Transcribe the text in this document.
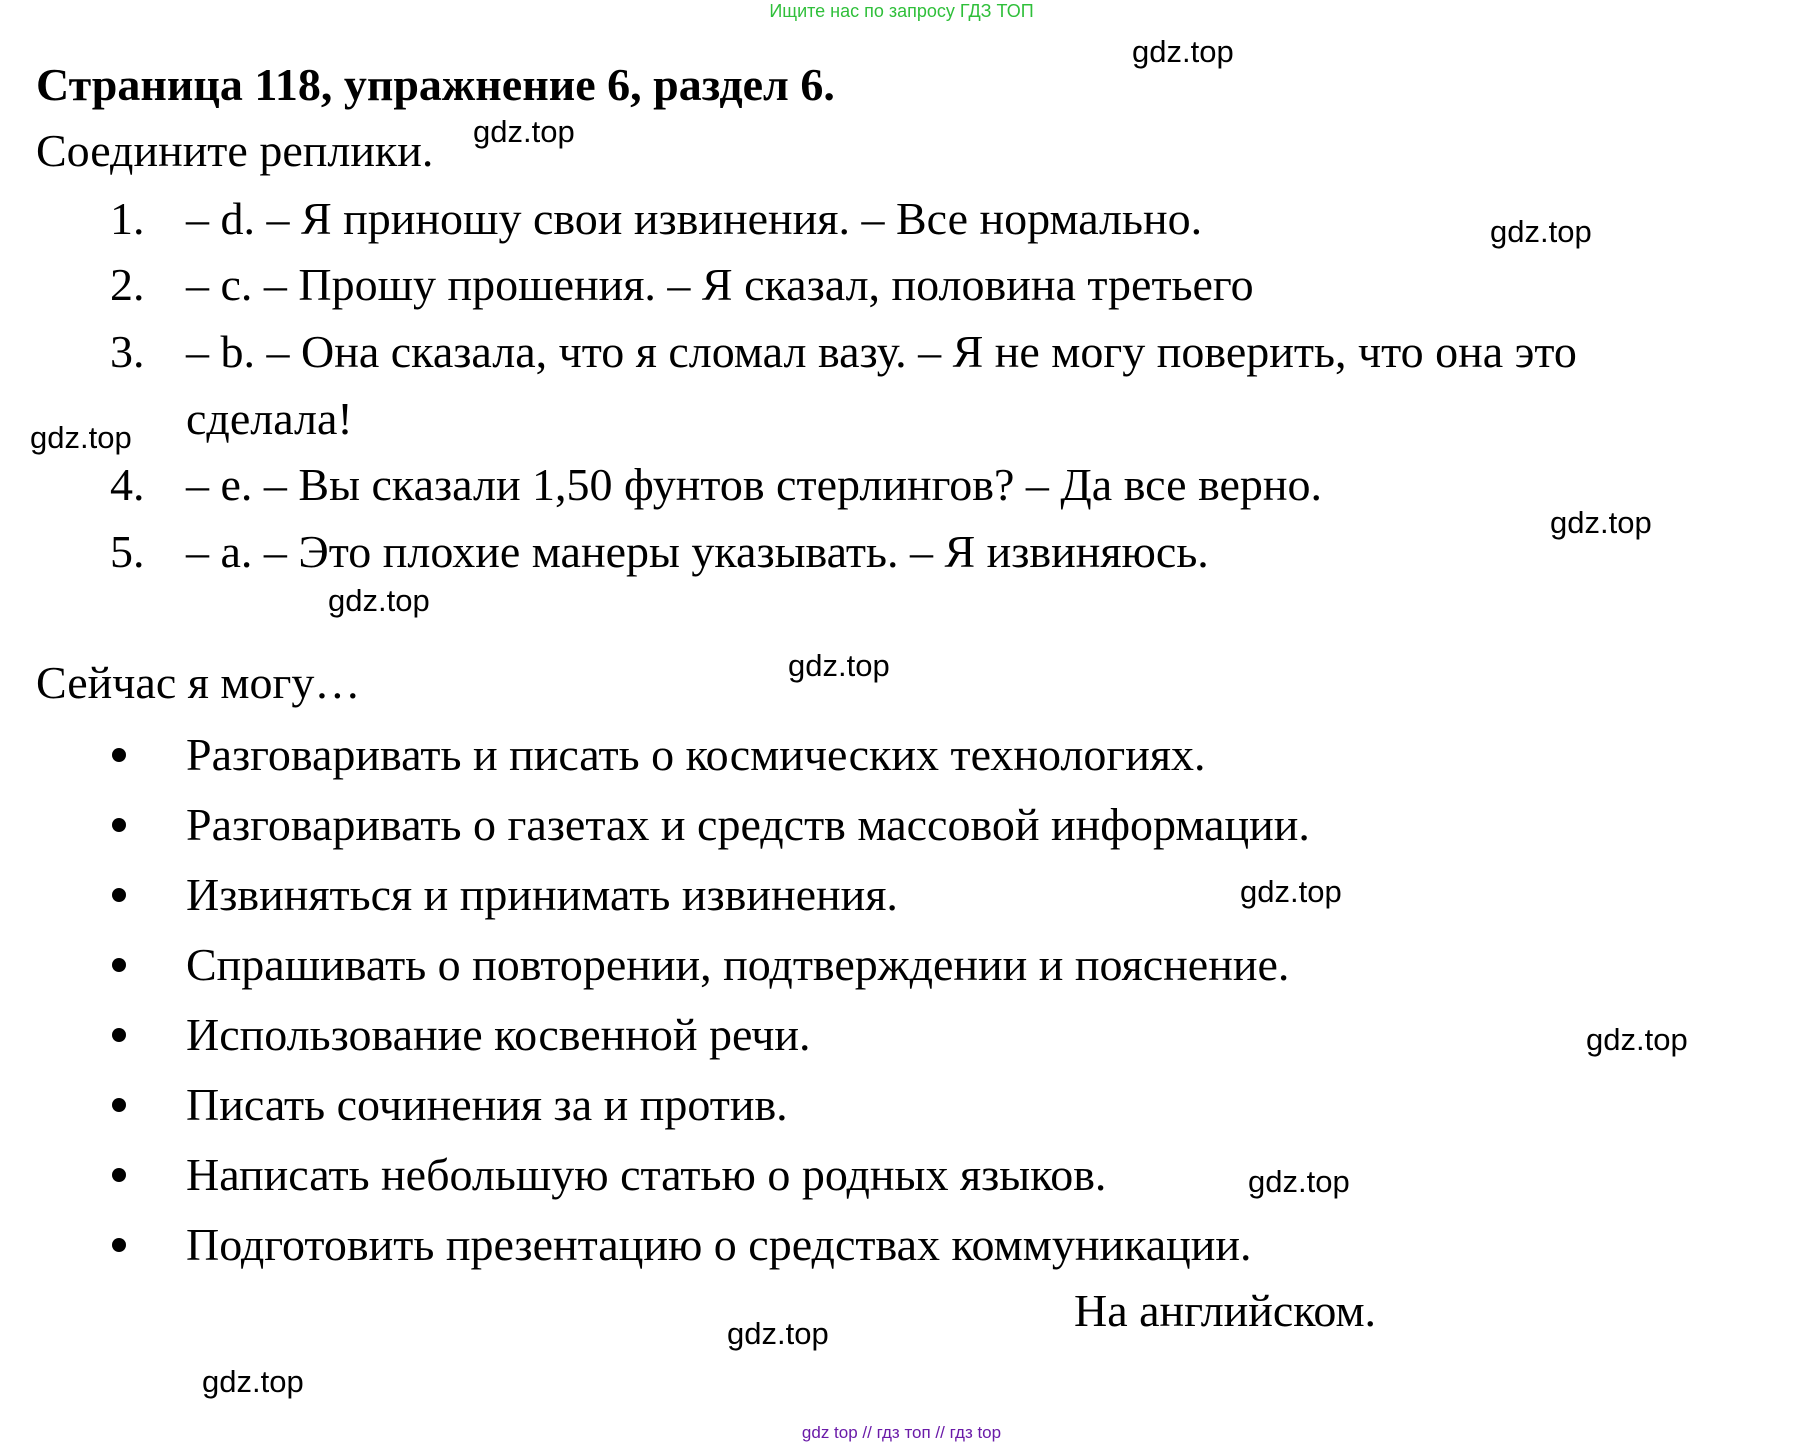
Ищите нас по запросу ГДЗ ТОП
Страница 118, упражнение 6, раздел 6.
Соедините реплики.
1. – d. – Я приношу свои извинения. – Все нормально.
2. – c. – Прошу прошения. – Я сказал, половина третьего
3. – b. – Она сказала, что я сломал вазу. – Я не могу поверить, что она это
сделала!
4. – e. – Вы сказали 1,50 фунтов стерлингов? – Да все верно.
5. – a. – Это плохие манеры указывать. – Я извиняюсь.
Сейчас я могу…
Разговаривать и писать о космических технологиях.
Разговаривать о газетах и средств массовой информации.
Извиняться и принимать извинения.
Спрашивать о повторении, подтверждении и пояснение.
Использование косвенной речи.
Писать сочинения за и против.
Написать небольшую статью о родных языков.
Подготовить презентацию о средствах коммуникации.
На английском.
gdz.top
gdz.top
gdz.top
gdz.top
gdz.top
gdz.top
gdz.top
gdz.top
gdz.top
gdz.top
gdz.top
gdz.top
gdz top // гдз топ // гдз top
